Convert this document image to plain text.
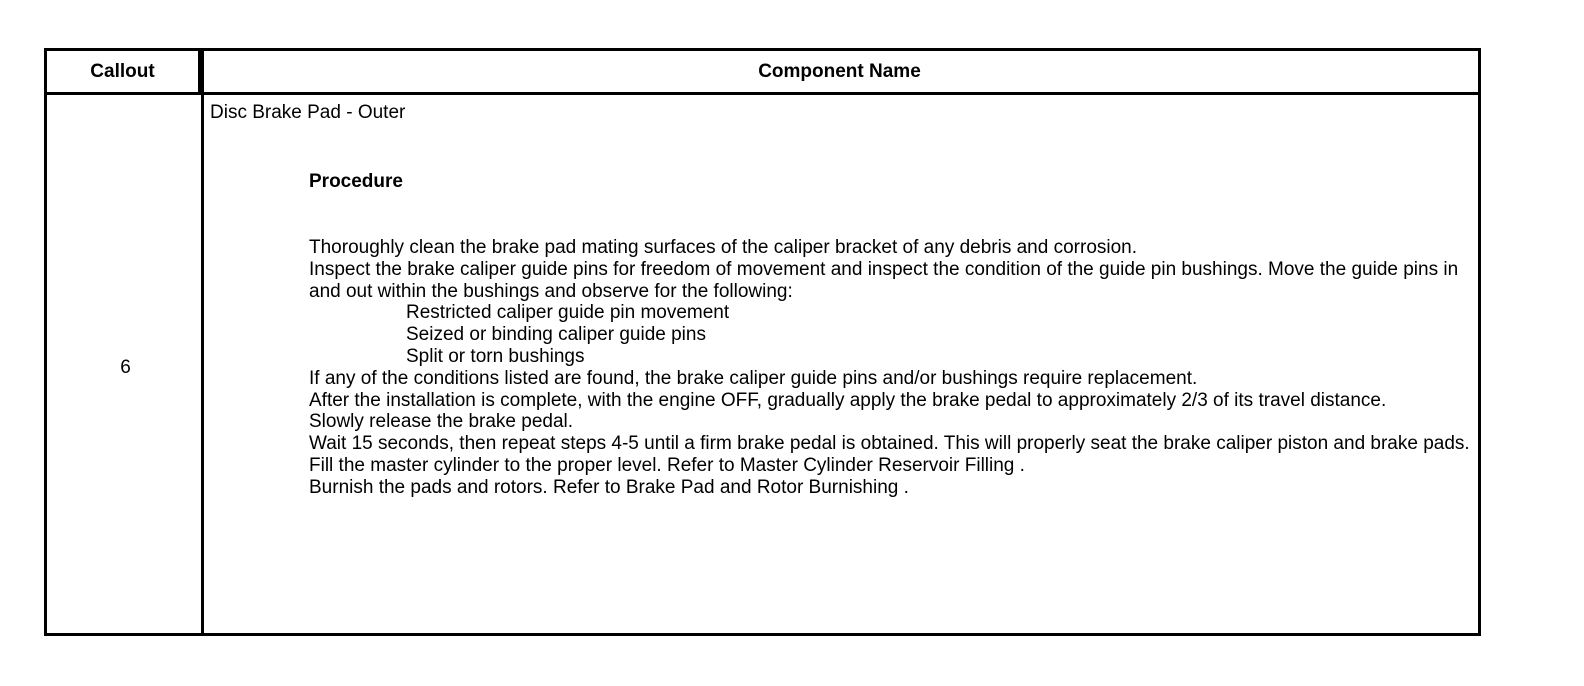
Callout	Component Name
6

Disc Brake Pad - Outer

Procedure

Thoroughly clean the brake pad mating surfaces of the caliper bracket of any debris and corrosion.

Inspect the brake caliper guide pins for freedom of movement and inspect the condition of the guide pin bushings. Move the guide pins in and out within the bushings and observe for the following:

Restricted caliper guide pin movement

Seized or binding caliper guide pins

Split or torn bushings

If any of the conditions listed are found, the brake caliper guide pins and/or bushings require replacement.

After the installation is complete, with the engine OFF, gradually apply the brake pedal to approximately 2/3 of its travel distance.

Slowly release the brake pedal.

Wait 15 seconds, then repeat steps 4-5 until a firm brake pedal is obtained. This will properly seat the brake caliper piston and brake pads.

Fill the master cylinder to the proper level. Refer to Master Cylinder Reservoir Filling .

Burnish the pads and rotors. Refer to Brake Pad and Rotor Burnishing .
